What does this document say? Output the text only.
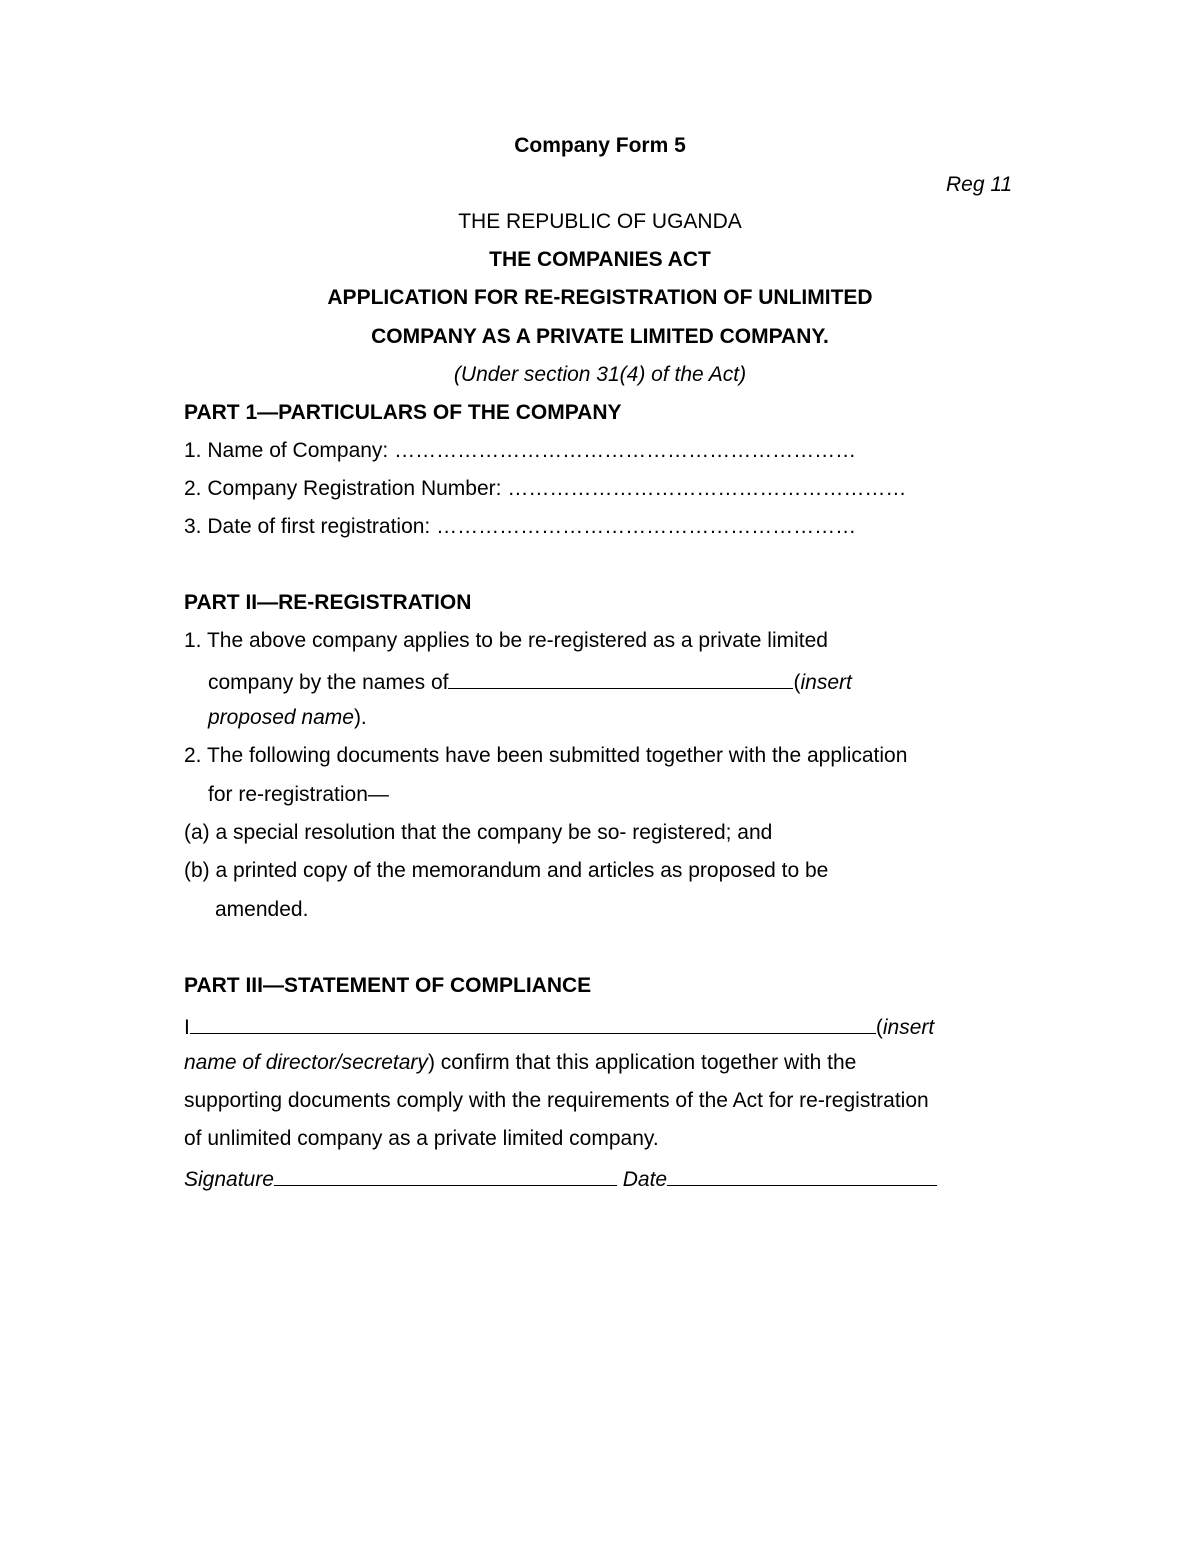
Company Form 5
Reg 11
THE REPUBLIC OF UGANDA
THE COMPANIES ACT
APPLICATION FOR RE-REGISTRATION OF UNLIMITED
COMPANY AS A PRIVATE LIMITED COMPANY.
(Under section 31(4) of the Act)
PART 1—PARTICULARS OF THE COMPANY
1. Name of Company: …………………………………………………………
2. Company Registration Number: …………………………………………………
3. Date of first registration: ……………………………………………………
PART II—RE-REGISTRATION
1. The above company applies to be re-registered as a private limited
company by the names of	(insert
proposed name).
2. The following documents have been submitted together with the application
for re-registration—
(a) a special resolution that the company be so- registered; and
(b) a printed copy of the memorandum and articles as proposed to be
amended.
PART III—STATEMENT OF COMPLIANCE
I	(insert
name of director/secretary) confirm that this application together with the
supporting documents comply with the requirements of the Act for re-registration
of unlimited company as a private limited company.
Signature	Date
